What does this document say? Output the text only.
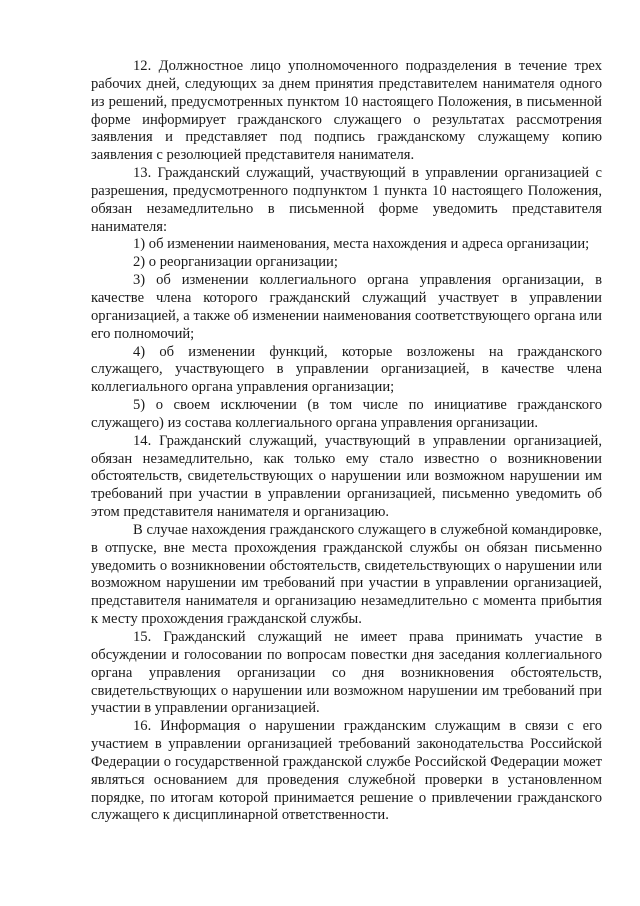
12. Должностное лицо уполномоченного подразделения в течение трех рабочих дней, следующих за днем принятия представителем нанимателя одного из решений, предусмотренных пунктом 10 настоящего Положения, в письменной форме информирует гражданского служащего о результатах рассмотрения заявления и представляет под подпись гражданскому служащему копию заявления с резолюцией представителя нанимателя.

13. Гражданский служащий, участвующий в управлении организацией с разрешения, предусмотренного подпунктом 1 пункта 10 настоящего Положения, обязан незамедлительно в письменной форме уведомить представителя нанимателя:

1) об изменении наименования, места нахождения и адреса организации;

2) о реорганизации организации;

3) об изменении коллегиального органа управления организации, в качестве члена которого гражданский служащий участвует в управлении организацией, а также об изменении наименования соответствующего органа или его полномочий;

4) об изменении функций, которые возложены на гражданского служащего, участвующего в управлении организацией, в качестве члена коллегиального органа управления организации;

5) о своем исключении (в том числе по инициативе гражданского служащего) из состава коллегиального органа управления организации.

14. Гражданский служащий, участвующий в управлении организацией, обязан незамедлительно, как только ему стало известно о возникновении обстоятельств, свидетельствующих о нарушении или возможном нарушении им требований при участии в управлении организацией, письменно уведомить об этом представителя нанимателя и организацию.

В случае нахождения гражданского служащего в служебной командировке, в отпуске, вне места прохождения гражданской службы он обязан письменно уведомить о возникновении обстоятельств, свидетельствующих о нарушении или возможном нарушении им требований при участии в управлении организацией, представителя нанимателя и организацию незамедлительно с момента прибытия к месту прохождения гражданской службы.

15. Гражданский служащий не имеет права принимать участие в обсуждении и голосовании по вопросам повестки дня заседания коллегиального органа управления организации со дня возникновения обстоятельств, свидетельствующих о нарушении или возможном нарушении им требований при участии в управлении организацией.

16. Информация о нарушении гражданским служащим в связи с его участием в управлении организацией требований законодательства Российской Федерации о государственной гражданской службе Российской Федерации может являться основанием для проведения служебной проверки в установленном порядке, по итогам которой принимается решение о привлечении гражданского служащего к дисциплинарной ответственности.
